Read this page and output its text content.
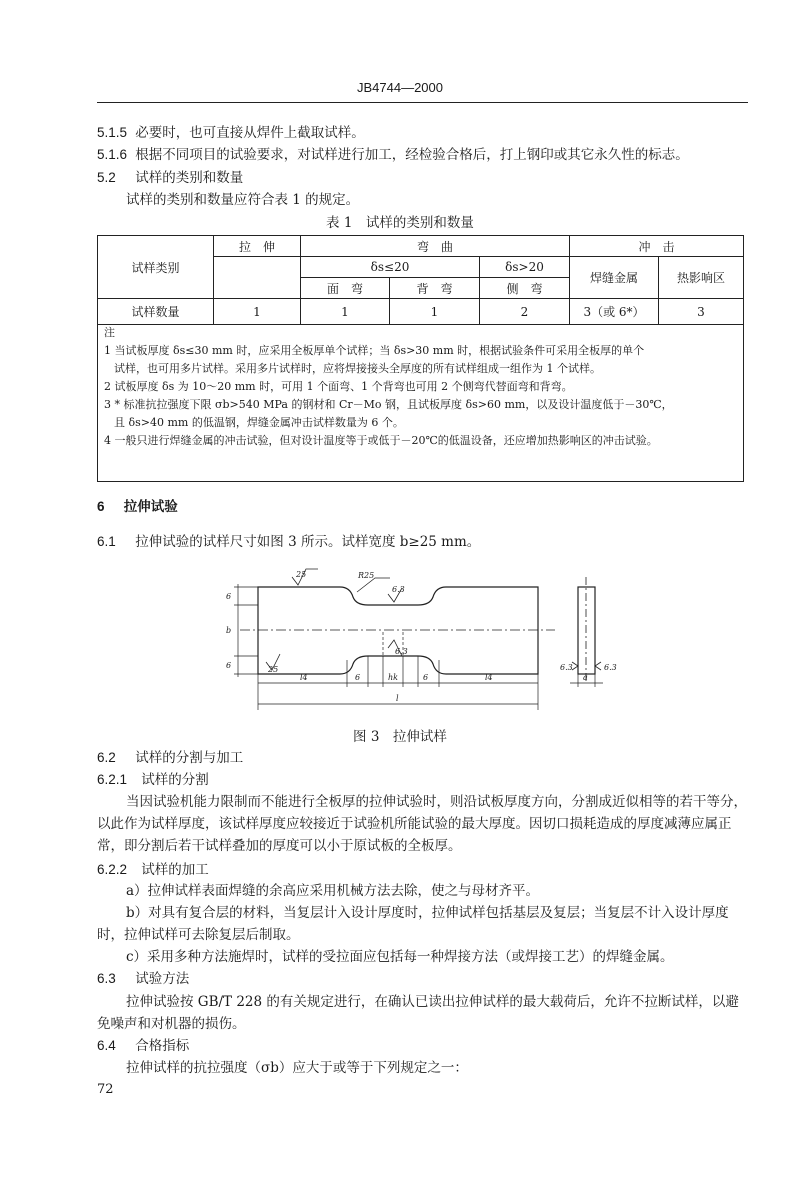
JB4744—2000
5.1.5 必要时，也可直接从焊件上截取试样。
5.1.6 根据不同项目的试验要求，对试样进行加工，经检验合格后，打上钢印或其它永久性的标志。
5.2 试样的类别和数量
试样的类别和数量应符合表 1 的规定。
表 1　试样的类别和数量
试样类别	拉　伸	弯　曲			冲　击	
		δs≤20		δs>20	焊缝金属	热影响区
		面　弯	背　弯	侧　弯		
试样数量	1	1	1	2	3（或 6*）	3

注

1 当试板厚度 δs≤30 mm 时，应采用全板厚单个试样；当 δs>30 mm 时，根据试验条件可采用全板厚的单个

试样，也可用多片试样。采用多片试样时，应将焊接接头全厚度的所有试样组成一组作为 1 个试样。

2 试板厚度 δs 为 10～20 mm 时，可用 1 个面弯、1 个背弯也可用 2 个侧弯代替面弯和背弯。

3 * 标准抗拉强度下限 σb>540 MPa 的钢材和 Cr－Mo 钢，且试板厚度 δs>60 mm，以及设计温度低于－30℃，

且 δs>40 mm 的低温钢，焊缝金属冲击试样数量为 6 个。

4 一般只进行焊缝金属的冲击试验，但对设计温度等于或低于－20℃的低温设备，还应增加热影响区的冲击试验。

6 拉伸试验
6.1 拉伸试验的试样尺寸如图 3 所示。试样宽度 b≥25 mm。
25	R25
6.3
6.3
25
l4	6	hk	6	l4
l
6
b
6
a
6.3	6.3
图 3　拉伸试样
6.2 试样的分割与加工
6.2.1 试样的分割
当因试验机能力限制而不能进行全板厚的拉伸试验时，则沿试板厚度方向，分割成近似相等的若干等分，以此作为试样厚度，该试样厚度应较接近于试验机所能试验的最大厚度。因切口损耗造成的厚度减薄应属正常，即分割后若干试样叠加的厚度可以小于原试板的全板厚。
6.2.2 试样的加工
a）拉伸试样表面焊缝的余高应采用机械方法去除，使之与母材齐平。
b）对具有复合层的材料，当复层计入设计厚度时，拉伸试样包括基层及复层；当复层不计入设计厚度时，拉伸试样可去除复层后制取。
c）采用多种方法施焊时，试样的受拉面应包括每一种焊接方法（或焊接工艺）的焊缝金属。
6.3 试验方法
拉伸试验按 GB/T 228 的有关规定进行，在确认已读出拉伸试样的最大载荷后，允许不拉断试样，以避免噪声和对机器的损伤。
6.4 合格指标
拉伸试样的抗拉强度（σb）应大于或等于下列规定之一：
72
